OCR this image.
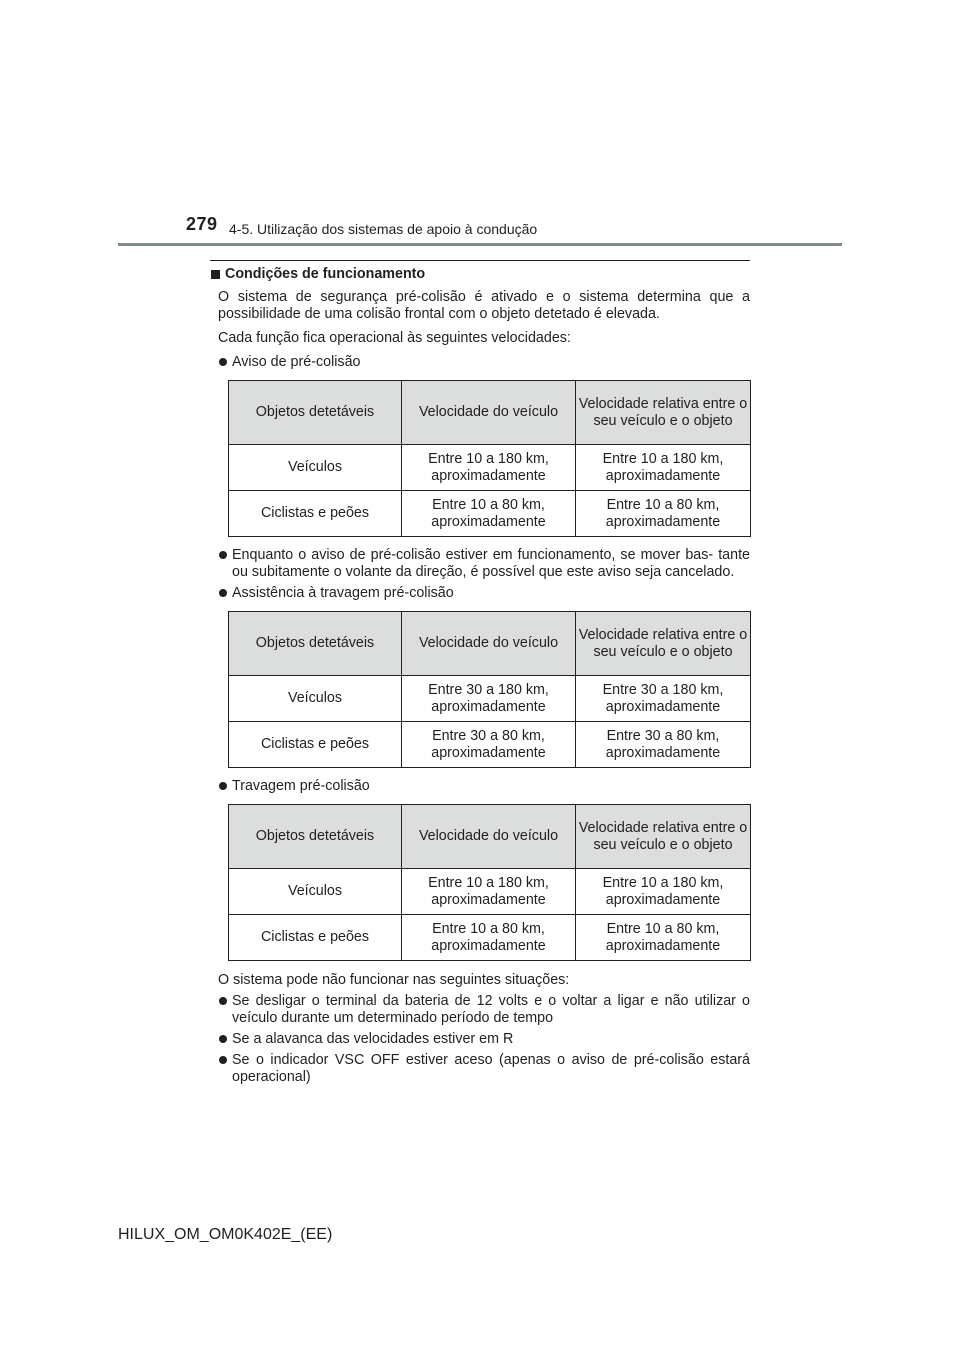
279 4-5. Utilização dos sistemas de apoio à condução
Condições de funcionamento

O sistema de segurança pré-colisão é ativado e o sistema determina que a possibilidade de uma colisão frontal com o objeto detetado é elevada.

Cada função fica operacional às seguintes velocidades:

Aviso de pré-colisão
Objetos detetáveis	Velocidade do veículo	Velocidade relativa entre o seu veículo e o objeto
Veículos	Entre 10 a 180 km, aproximadamente	Entre 10 a 180 km, aproximadamente
Ciclistas e peões	Entre 10 a 80 km, aproximadamente	Entre 10 a 80 km, aproximadamente
Enquanto o aviso de pré-colisão estiver em funcionamento, se mover bas- tante ou subitamente o volante da direção, é possível que este aviso seja cancelado.
Assistência à travagem pré-colisão
Objetos detetáveis	Velocidade do veículo	Velocidade relativa entre o seu veículo e o objeto
Veículos	Entre 30 a 180 km, aproximadamente	Entre 30 a 180 km, aproximadamente
Ciclistas e peões	Entre 30 a 80 km, aproximadamente	Entre 30 a 80 km, aproximadamente
Travagem pré-colisão
Objetos detetáveis	Velocidade do veículo	Velocidade relativa entre o seu veículo e o objeto
Veículos	Entre 10 a 180 km, aproximadamente	Entre 10 a 180 km, aproximadamente
Ciclistas e peões	Entre 10 a 80 km, aproximadamente	Entre 10 a 80 km, aproximadamente

O sistema pode não funcionar nas seguintes situações:

Se desligar o terminal da bateria de 12 volts e o voltar a ligar e não utilizar o veículo durante um determinado período de tempo
Se a alavanca das velocidades estiver em R
Se o indicador VSC OFF estiver aceso (apenas o aviso de pré-colisão estará operacional)
HILUX_OM_OM0K402E_(EE)
